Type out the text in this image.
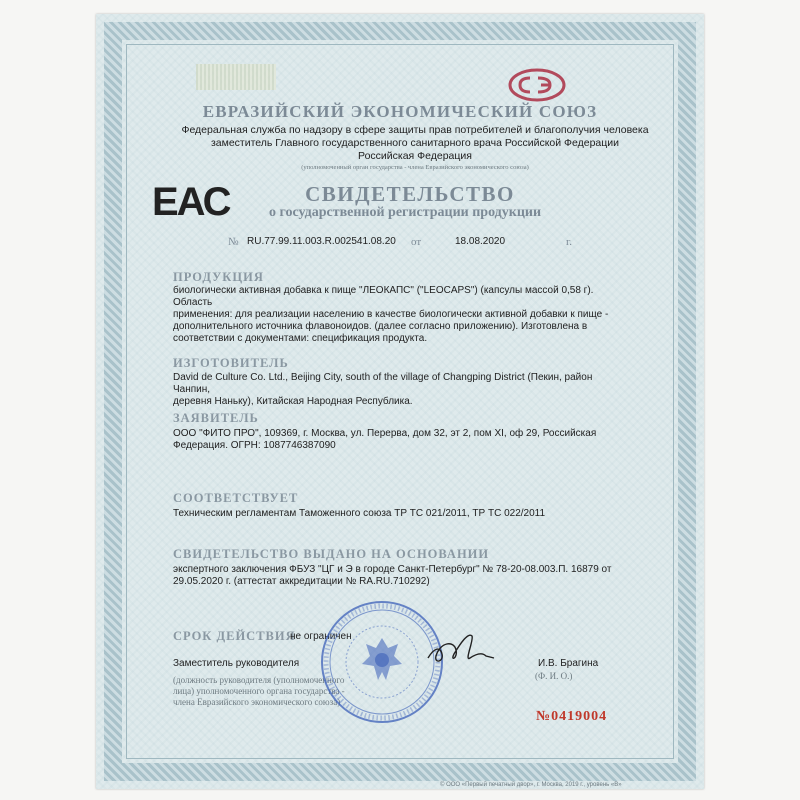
ЕВРАЗИЙСКИЙ ЭКОНОМИЧЕСКИЙ СОЮЗ

Федеральная служба по надзору в сфере защиты прав потребителей и благополучия человека
заместитель Главного государственного санитарного врача Российской Федерации
Российская Федерация

(уполномоченный орган государства - члена Евразийского экономического союза)

ЕАС	СВИДЕТЕЛЬСТВО

о государственной регистрации продукции

№ RU.77.99.11.003.R.002541.08.20 от	18.08.2020	г.

ПРОДУКЦИЯ

биологически активная добавка к пище "ЛЕОКАПС" ("LEOCAPS") (капсулы массой 0,58 г). Область
применения: для реализации населению в качестве биологически активной добавки к пище -
дополнительного источника флавоноидов. (далее согласно приложению). Изготовлена в
соответствии с документами: спецификация продукта.

ИЗГОТОВИТЕЛЬ

David de Culture Co. Ltd., Beijing City, south of the village of Changping District (Пекин, район Чанпин,
деревня Наньку), Китайская Народная Республика.

ЗАЯВИТЕЛЬ

ООО "ФИТО ПРО", 109369, г. Москва, ул. Перерва, дом 32, эт 2, пом XI, оф 29, Российская
Федерация. ОГРН: 1087746387090

СООТВЕТСТВУЕТ

Техническим регламентам Таможенного союза ТР ТС 021/2011, ТР ТС 022/2011

СВИДЕТЕЛЬСТВО ВЫДАНО НА ОСНОВАНИИ

экспертного заключения ФБУЗ "ЦГ и Э в городе Санкт-Петербург" № 78-20-08.003.П. 16879 от
29.05.2020 г. (аттестат аккредитации № RA.RU.710292)

СРОК ДЕЙСТВИЯ

не ограничен
Заместитель руководителя	И.В. Брагина
(Ф. И. О.)
(должность руководителя (уполномоченного
лица) уполномоченного органа государства -
члена Евразийского экономического союза)

№0419004

© ООО «Первый печатный двор», г. Москва, 2019 г., уровень «В»
